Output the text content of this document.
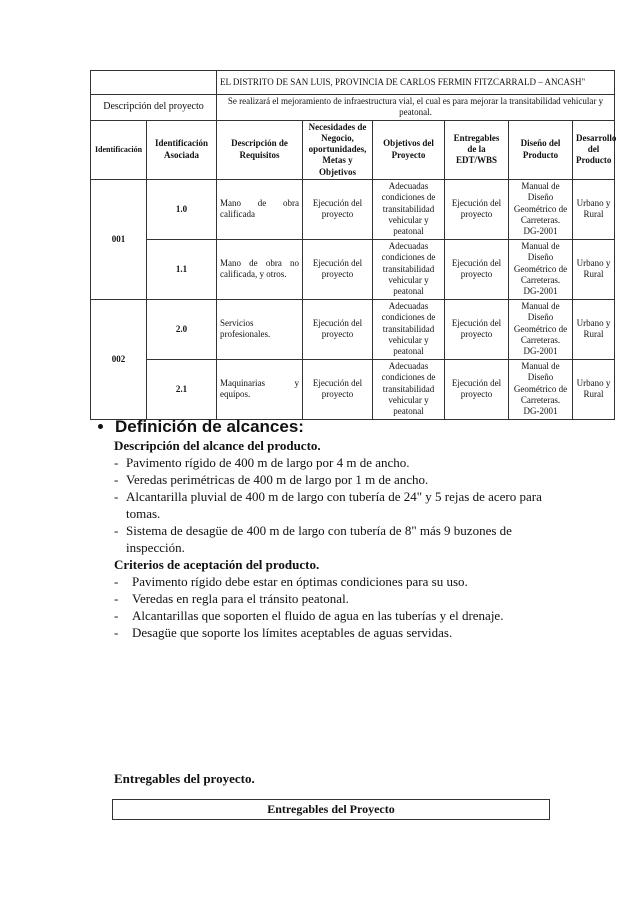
		EL DISTRITO DE SAN LUIS, PROVINCIA DE CARLOS FERMIN FITZCARRALD – ANCASH"					
Descripción del proyecto		Se realizará el mejoramiento de infraestructura vial, el cual es para mejorar la transitabilidad vehicular y peatonal.					
Identificación	Identificación Asociada	Descripción de Requisitos	Necesidades de Negocio, oportunidades, Metas y Objetivos	Objetivos del Proyecto	Entregables de la EDT/WBS	Diseño del Producto	Desarrollo del Producto
001	1.0	Mano de obra calificada	Ejecución del proyecto	Adecuadas condiciones de transitabilidad vehicular y peatonal	Ejecución del proyecto	Manual de Diseño Geométrico de Carreteras. DG-2001	Urbano y Rural
	1.1	Mano de obra no calificada, y otros.	Ejecución del proyecto	Adecuadas condiciones de transitabilidad vehicular y peatonal	Ejecución del proyecto	Manual de Diseño Geométrico de Carreteras. DG-2001	Urbano y Rural
002	2.0	Servicios profesionales.	Ejecución del proyecto	Adecuadas condiciones de transitabilidad vehicular y peatonal	Ejecución del proyecto	Manual de Diseño Geométrico de Carreteras. DG-2001	Urbano y Rural
	2.1	Maquinarias y equipos.	Ejecución del proyecto	Adecuadas condiciones de transitabilidad vehicular y peatonal	Ejecución del proyecto	Manual de Diseño Geométrico de Carreteras. DG-2001	Urbano y Rural
Definición de alcances:
Descripción del alcance del producto.
- Pavimento rígido de 400 m de largo por 4 m de ancho.
- Veredas perimétricas de 400 m de largo por 1 m de ancho.
- Alcantarilla pluvial de 400 m de largo con tubería de 24" y 5 rejas de acero para tomas.
- Sistema de desagüe de 400 m de largo con tubería de 8" más 9 buzones de inspección.
Criterios de aceptación del producto.
-	Pavimento rígido debe estar en óptimas condiciones para su uso.
-	Veredas en regla para el tránsito peatonal.
-	Alcantarillas que soporten el fluido de agua en las tuberías y el drenaje.
-	Desagüe que soporte los límites aceptables de aguas servidas.
Entregables del proyecto.
Entregables del Proyecto
